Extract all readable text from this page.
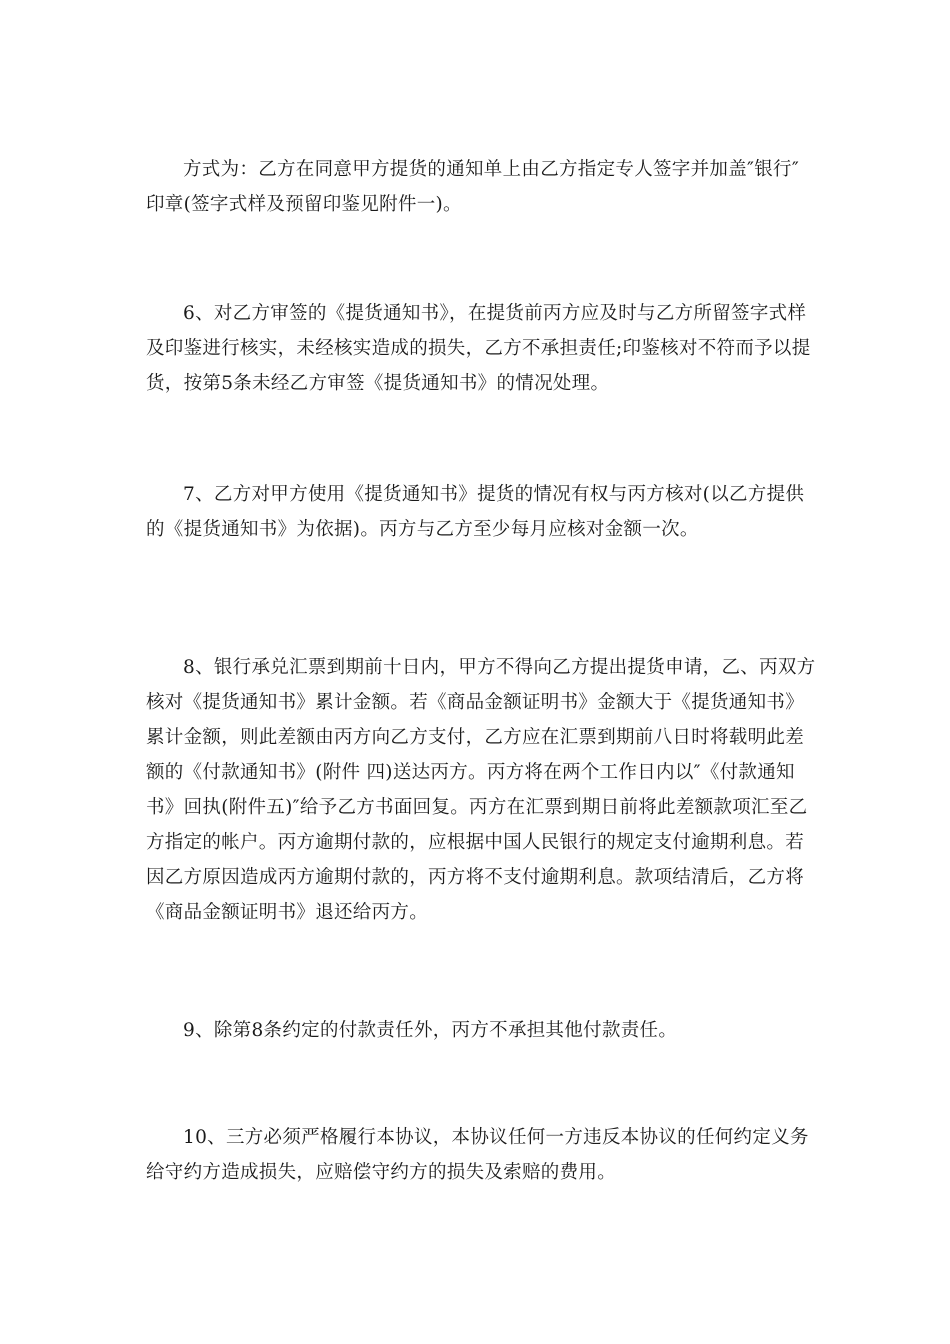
方式为：乙方在同意甲方提货的通知单上由乙方指定专人签字并加盖″银行″印章(签字式样及预留印鉴见附件一)。

6、对乙方审签的《提货通知书》，在提货前丙方应及时与乙方所留签字式样及印鉴进行核实，未经核实造成的损失，乙方不承担责任;印鉴核对不符而予以提货，按第5条未经乙方审签《提货通知书》的情况处理。

7、乙方对甲方使用《提货通知书》提货的情况有权与丙方核对(以乙方提供的《提货通知书》为依据)。丙方与乙方至少每月应核对金额一次。

8、银行承兑汇票到期前十日内，甲方不得向乙方提出提货申请，乙、丙双方核对《提货通知书》累计金额。若《商品金额证明书》金额大于《提货通知书》累计金额，则此差额由丙方向乙方支付，乙方应在汇票到期前八日时将载明此差额的《付款通知书》(附件 四)送达丙方。丙方将在两个工作日内以″《付款通知书》回执(附件五)″给予乙方书面回复。丙方在汇票到期日前将此差额款项汇至乙方指定的帐户。丙方逾期付款的，应根据中国人民银行的规定支付逾期利息。若因乙方原因造成丙方逾期付款的，丙方将不支付逾期利息。款项结清后，乙方将《商品金额证明书》退还给丙方。

9、除第8条约定的付款责任外，丙方不承担其他付款责任。

10、三方必须严格履行本协议，本协议任何一方违反本协议的任何约定义务给守约方造成损失，应赔偿守约方的损失及索赔的费用。
